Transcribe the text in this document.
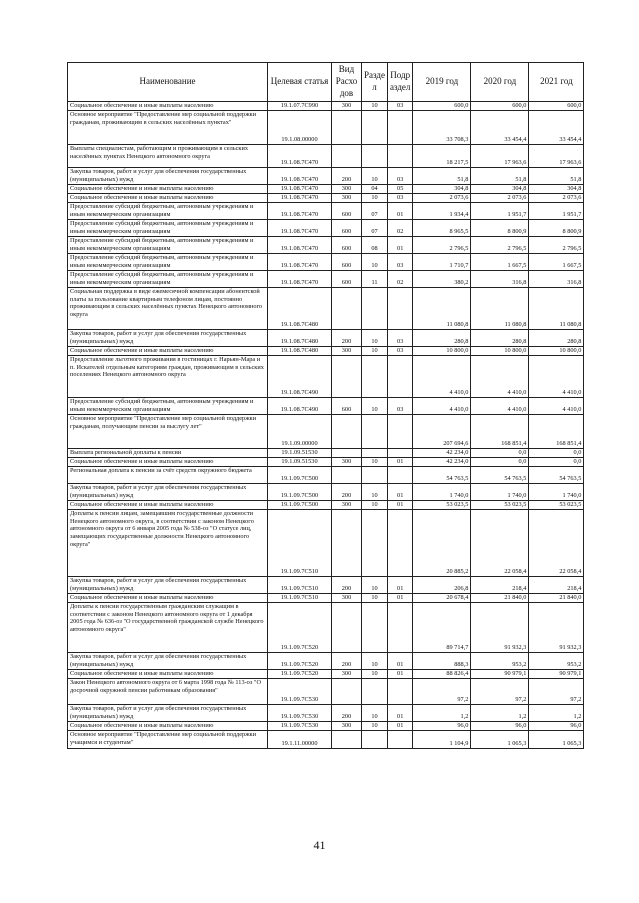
Наименование	Целевая статья	Вид Расхо дов	Разде л	Подр аздел	2019 год	2020 год	2021 год
Социальное обеспечение и иные выплаты населению	19.1.07.7С990	300	10	03	600,0	600,0	600,0
Основное мероприятие "Предоставление мер социальной поддержки гражданам, проживающим в сельских населённых пунктах"	19.1.08.00000				33 708,3	33 454,4	33 454,4
Выплаты специалистам, работающим и проживающим в сельских населённых пунктах Ненецкого автономного округа	19.1.08.7С470				18 217,5	17 963,6	17 963,6
Закупка товаров, работ и услуг для обеспечения государственных (муниципальных) нужд	19.1.08.7С470	200	10	03	51,8	51,8	51,8
Социальное обеспечение и иные выплаты населению	19.1.08.7С470	300	04	05	304,8	304,8	304,8
Социальное обеспечение и иные выплаты населению	19.1.08.7С470	300	10	03	2 073,6	2 073,6	2 073,6
Предоставление субсидий бюджетным, автономным учреждениям и иным некоммерческим организациям	19.1.08.7С470	600	07	01	1 934,4	1 951,7	1 951,7
Предоставление субсидий бюджетным, автономным учреждениям и иным некоммерческим организациям	19.1.08.7С470	600	07	02	8 965,5	8 800,9	8 800,9
Предоставление субсидий бюджетным, автономным учреждениям и иным некоммерческим организациям	19.1.08.7С470	600	08	01	2 796,5	2 796,5	2 796,5
Предоставление субсидий бюджетным, автономным учреждениям и иным некоммерческим организациям	19.1.08.7С470	600	10	03	1 710,7	1 667,5	1 667,5
Предоставление субсидий бюджетным, автономным учреждениям и иным некоммерческим организациям	19.1.08.7С470	600	11	02	380,2	316,8	316,8
Социальная поддержка в виде ежемесячной компенсации абонентской платы за пользование квартирным телефоном лицам, постоянно проживающим в сельских населённых пунктах Ненецкого автономного округа	19.1.08.7С480				11 080,8	11 080,8	11 080,8
Закупка товаров, работ и услуг для обеспечения государственных (муниципальных) нужд	19.1.08.7С480	200	10	03	280,8	280,8	280,8
Социальное обеспечение и иные выплаты населению	19.1.08.7С480	300	10	03	10 800,0	10 800,0	10 800,0
Предоставление льготного проживания в гостиницах г. Нарьян-Мара и п. Искателей отдельным категориям граждан, проживающим в сельских поселениях Ненецкого автономного округа	19.1.08.7С490				4 410,0	4 410,0	4 410,0
Предоставление субсидий бюджетным, автономным учреждениям и иным некоммерческим организациям	19.1.08.7С490	600	10	03	4 410,0	4 410,0	4 410,0
Основное мероприятие "Предоставление мер социальной поддержки гражданам, получающим пенсии за выслугу лет"	19.1.09.00000				207 694,6	168 851,4	168 851,4
Выплата региональной доплаты к пенсии	19.1.09.51530				42 234,0	0,0	0,0
Социальное обеспечение и иные выплаты населению	19.1.09.51530	300	10	01	42 234,0	0,0	0,0
Региональная доплата к пенсии за счёт средств окружного бюджета	19.1.09.7С500				54 763,5	54 763,5	54 763,5
Закупка товаров, работ и услуг для обеспечения государственных (муниципальных) нужд	19.1.09.7С500	200	10	01	1 740,0	1 740,0	1 740,0
Социальное обеспечение и иные выплаты населению	19.1.09.7С500	300	10	01	53 023,5	53 023,5	53 023,5
Доплаты к пенсии лицам, замещавшим государственные должности Ненецкого автономного округа, в соответствии с законом Ненецкого автономного округа от 6 января 2005 года № 538-оз "О статусе лиц, замещающих государственные должности Ненецкого автономного округа"	19.1.09.7С510				20 885,2	22 058,4	22 058,4
Закупка товаров, работ и услуг для обеспечения государственных (муниципальных) нужд	19.1.09.7С510	200	10	01	206,8	218,4	218,4
Социальное обеспечение и иные выплаты населению	19.1.09.7С510	300	10	01	20 678,4	21 840,0	21 840,0
Доплаты к пенсии государственным гражданским служащим в соответствии с законом Ненецкого автономного округа от 1 декабря 2005 года № 636-оз "О государственной гражданской службе Ненецкого автономного округа"	19.1.09.7С520				89 714,7	91 932,3	91 932,3
Закупка товаров, работ и услуг для обеспечения государственных (муниципальных) нужд	19.1.09.7С520	200	10	01	888,3	953,2	953,2
Социальное обеспечение и иные выплаты населению	19.1.09.7С520	300	10	01	88 826,4	90 979,1	90 979,1
Закон Ненецкого автономного округа от 6 марта 1998 года № 113-оз "О досрочной окружной пенсии работникам образования"	19.1.09.7С530				97,2	97,2	97,2
Закупка товаров, работ и услуг для обеспечения государственных (муниципальных) нужд	19.1.09.7С530	200	10	01	1,2	1,2	1,2
Социальное обеспечение и иные выплаты населению	19.1.09.7С530	300	10	01	96,0	96,0	96,0
Основное мероприятие "Предоставление мер социальной поддержки учащимся и студентам"	19.1.11.00000				1 104,9	1 065,3	1 065,3
41
